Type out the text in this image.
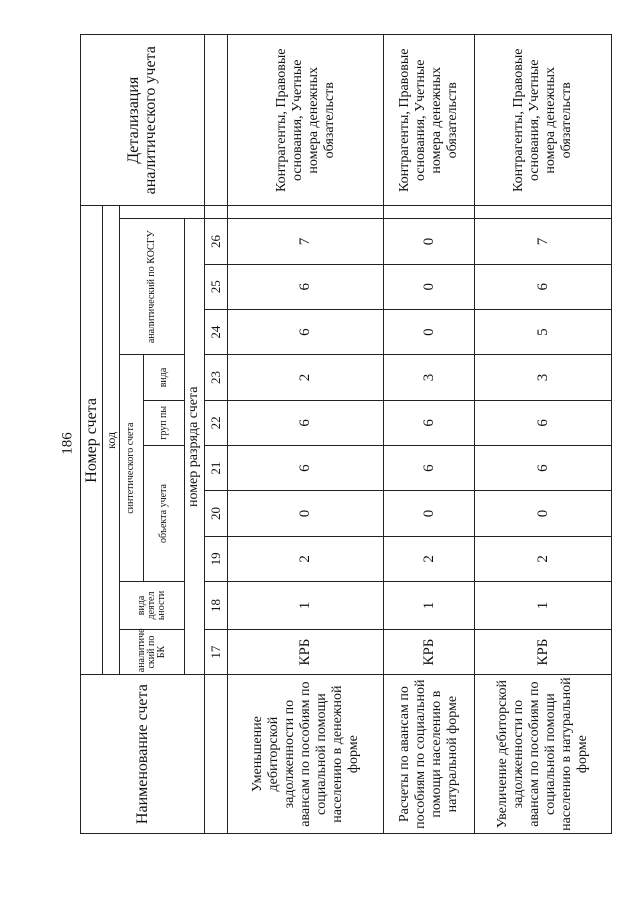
186
Наименование счета	Номер счета											Детализация аналитического учета
	код											
	аналитиче ский по БК	вида деятел ьности	синтетического счета					аналитический по КОСГУ				
			объекта учета			груп пы	вида					
	номер разряда счета											
	17	18	19	20	21	22	23	24	25	26		
Уменьшение дебиторской задолженности по авансам по пособиям по социальной помощи населению в денежной форме	КРБ	1	2	0	6	6	2	6	6	7		Контрагенты, Правовые основания, Учетные номера денежных обязательств
Расчеты по авансам по пособиям по социальной помощи населению в натуральной форме	КРБ	1	2	0	6	6	3	0	0	0		Контрагенты, Правовые основания, Учетные номера денежных обязательств
Увеличение дебиторской задолженности по авансам по пособиям по социальной помощи населению в натуральной форме	КРБ	1	2	0	6	6	3	5	6	7		Контрагенты, Правовые основания, Учетные номера денежных обязательств
